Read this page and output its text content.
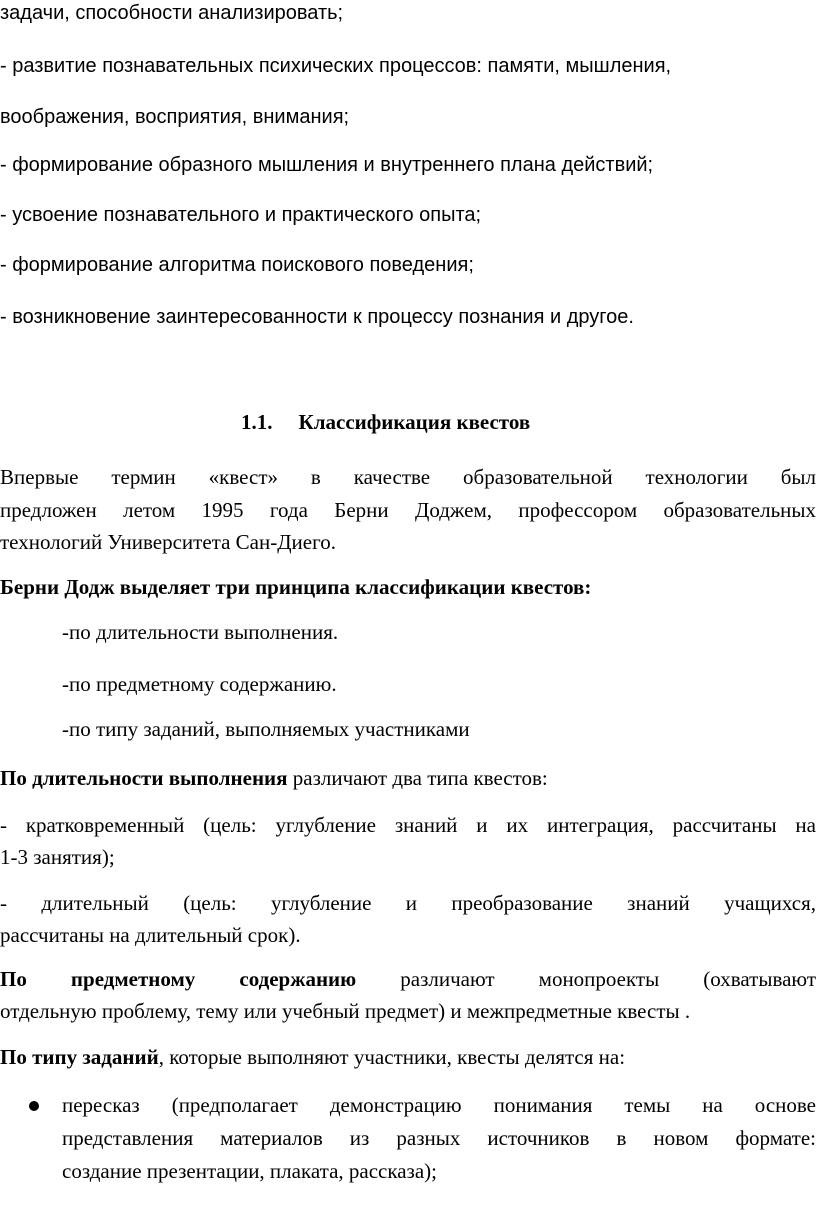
задачи, способности анализировать;

- развитие познавательных психических процессов: памяти, мышления,

воображения, восприятия, внимания;

- формирование образного мышления и внутреннего плана действий;

- усвоение познавательного и практического опыта;

- формирование алгоритма поискового поведения;

- возникновение заинтересованности к процессу познания и другое.

1.1. Классификация квестов

Впервые термин «квест» в качестве образовательной технологии был

предложен летом 1995 года Берни Доджем, профессором образовательных

технологий Университета Сан-Диего.

Берни Додж выделяет три принципа классификации квестов:

-по длительности выполнения.

-по предметному содержанию.

-по типу заданий, выполняемых участниками

По длительности выполнения различают два типа квестов:

- кратковременный (цель: углубление знаний и их интеграция, рассчитаны на

1-3 занятия);

- длительный (цель: углубление и преобразование знаний учащихся,

рассчитаны на длительный срок).

По предметному содержанию различают монопроекты (охватывают

отдельную проблему, тему или учебный предмет) и межпредметные квесты .

По типу заданий, которые выполняют участники, квесты делятся на:

пересказ (предполагает демонстрацию понимания темы на основе

представления материалов из разных источников в новом формате:

создание презентации, плаката, рассказа);
